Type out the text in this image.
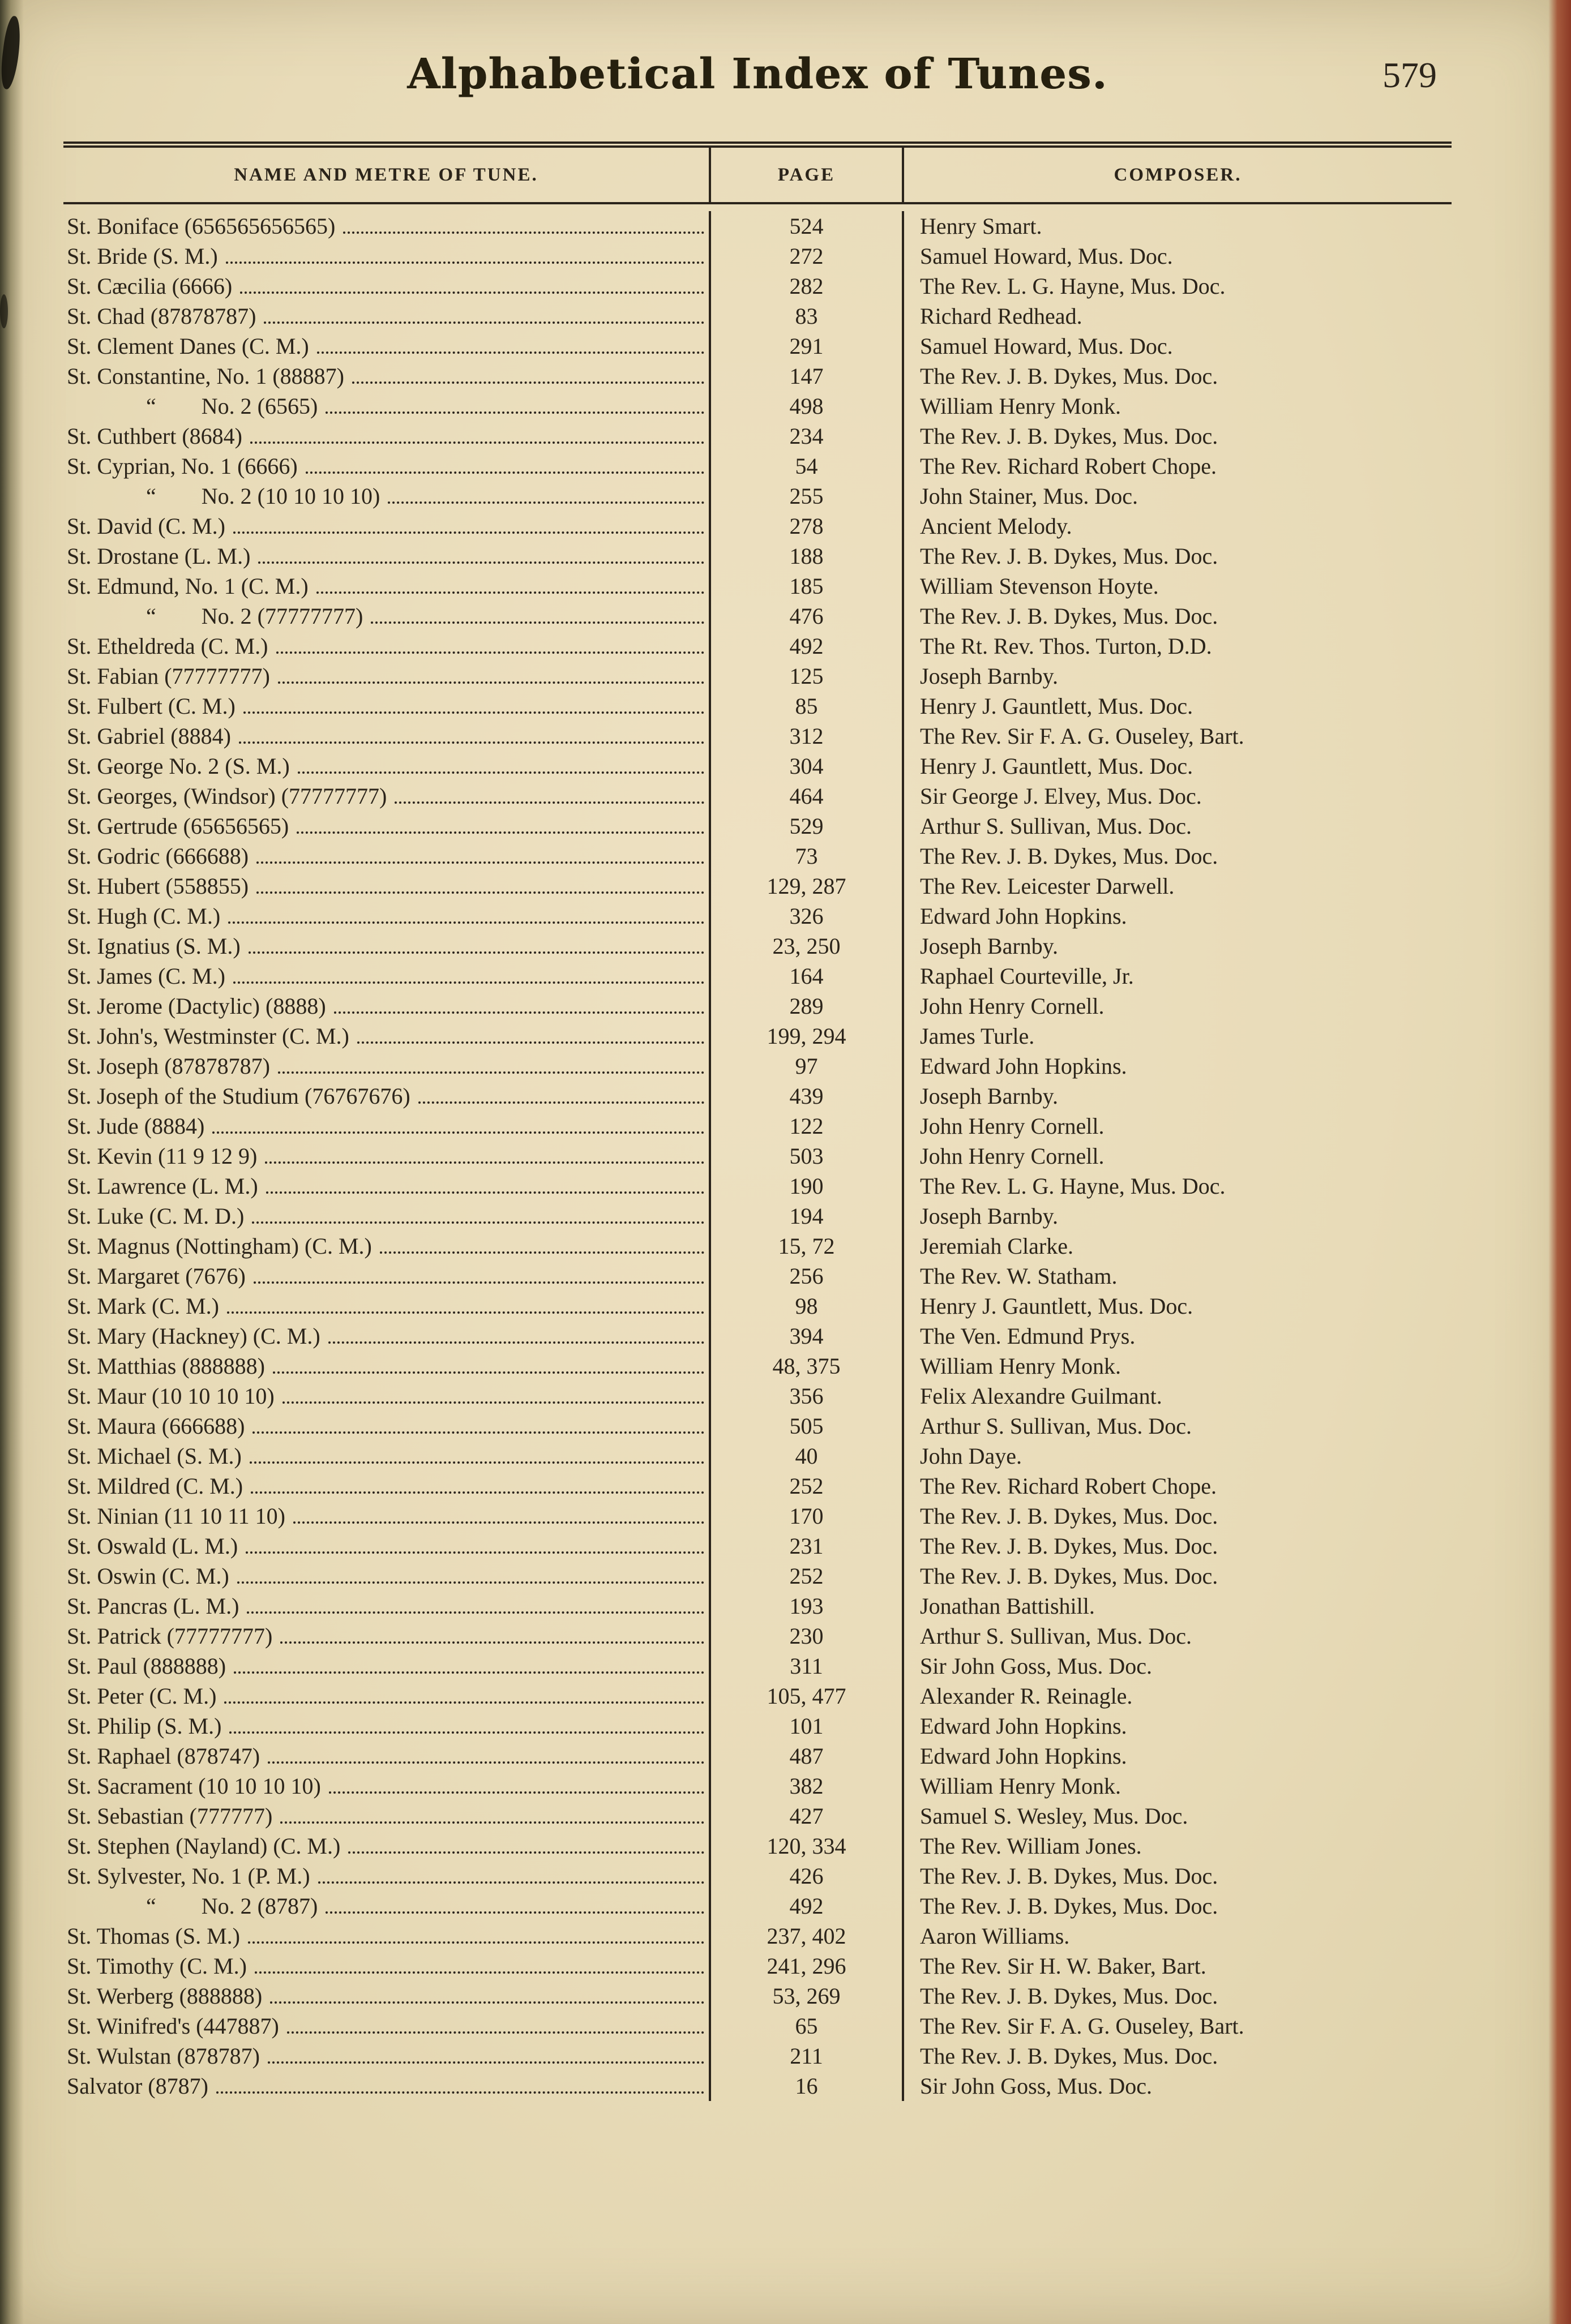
Alphabetical Index of Tunes.	579
NAME AND METRE OF TUNE.	PAGE	COMPOSER.
St. Boniface (656565656565)	524	Henry Smart.
St. Bride (S. M.)	272	Samuel Howard, Mus. Doc.
St. Cæcilia (6666)	282	The Rev. L. G. Hayne, Mus. Doc.
St. Chad (87878787)	83	Richard Redhead.
St. Clement Danes (C. M.)	291	Samuel Howard, Mus. Doc.
St. Constantine, No. 1 (88887)	147	The Rev. J. B. Dykes, Mus. Doc.
“  No. 2 (6565)	498	William Henry Monk.
St. Cuthbert (8684)	234	The Rev. J. B. Dykes, Mus. Doc.
St. Cyprian, No. 1 (6666)	54	The Rev. Richard Robert Chope.
“  No. 2 (10 10 10 10)	255	John Stainer, Mus. Doc.
St. David (C. M.)	278	Ancient Melody.
St. Drostane (L. M.)	188	The Rev. J. B. Dykes, Mus. Doc.
St. Edmund, No. 1 (C. M.)	185	William Stevenson Hoyte.
“  No. 2 (77777777)	476	The Rev. J. B. Dykes, Mus. Doc.
St. Etheldreda (C. M.)	492	The Rt. Rev. Thos. Turton, D.D.
St. Fabian (77777777)	125	Joseph Barnby.
St. Fulbert (C. M.)	85	Henry J. Gauntlett, Mus. Doc.
St. Gabriel (8884)	312	The Rev. Sir F. A. G. Ouseley, Bart.
St. George No. 2 (S. M.)	304	Henry J. Gauntlett, Mus. Doc.
St. Georges, (Windsor) (77777777)	464	Sir George J. Elvey, Mus. Doc.
St. Gertrude (65656565)	529	Arthur S. Sullivan, Mus. Doc.
St. Godric (666688)	73	The Rev. J. B. Dykes, Mus. Doc.
St. Hubert (558855)	129, 287	The Rev. Leicester Darwell.
St. Hugh (C. M.)	326	Edward John Hopkins.
St. Ignatius (S. M.)	23, 250	Joseph Barnby.
St. James (C. M.)	164	Raphael Courteville, Jr.
St. Jerome (Dactylic) (8888)	289	John Henry Cornell.
St. John's, Westminster (C. M.)	199, 294	James Turle.
St. Joseph (87878787)	97	Edward John Hopkins.
St. Joseph of the Studium (76767676)	439	Joseph Barnby.
St. Jude (8884)	122	John Henry Cornell.
St. Kevin (11 9 12 9)	503	John Henry Cornell.
St. Lawrence (L. M.)	190	The Rev. L. G. Hayne, Mus. Doc.
St. Luke (C. M. D.)	194	Joseph Barnby.
St. Magnus (Nottingham) (C. M.)	15, 72	Jeremiah Clarke.
St. Margaret (7676)	256	The Rev. W. Statham.
St. Mark (C. M.)	98	Henry J. Gauntlett, Mus. Doc.
St. Mary (Hackney) (C. M.)	394	The Ven. Edmund Prys.
St. Matthias (888888)	48, 375	William Henry Monk.
St. Maur (10 10 10 10)	356	Felix Alexandre Guilmant.
St. Maura (666688)	505	Arthur S. Sullivan, Mus. Doc.
St. Michael (S. M.)	40	John Daye.
St. Mildred (C. M.)	252	The Rev. Richard Robert Chope.
St. Ninian (11 10 11 10)	170	The Rev. J. B. Dykes, Mus. Doc.
St. Oswald (L. M.)	231	The Rev. J. B. Dykes, Mus. Doc.
St. Oswin (C. M.)	252	The Rev. J. B. Dykes, Mus. Doc.
St. Pancras (L. M.)	193	Jonathan Battishill.
St. Patrick (77777777)	230	Arthur S. Sullivan, Mus. Doc.
St. Paul (888888)	311	Sir John Goss, Mus. Doc.
St. Peter (C. M.)	105, 477	Alexander R. Reinagle.
St. Philip (S. M.)	101	Edward John Hopkins.
St. Raphael (878747)	487	Edward John Hopkins.
St. Sacrament (10 10 10 10)	382	William Henry Monk.
St. Sebastian (777777)	427	Samuel S. Wesley, Mus. Doc.
St. Stephen (Nayland) (C. M.)	120, 334	The Rev. William Jones.
St. Sylvester, No. 1 (P. M.)	426	The Rev. J. B. Dykes, Mus. Doc.
“  No. 2 (8787)	492	The Rev. J. B. Dykes, Mus. Doc.
St. Thomas (S. M.)	237, 402	Aaron Williams.
St. Timothy (C. M.)	241, 296	The Rev. Sir H. W. Baker, Bart.
St. Werberg (888888)	53, 269	The Rev. J. B. Dykes, Mus. Doc.
St. Winifred's (447887)	65	The Rev. Sir F. A. G. Ouseley, Bart.
St. Wulstan (878787)	211	The Rev. J. B. Dykes, Mus. Doc.
Salvator (8787)	16	Sir John Goss, Mus. Doc.
